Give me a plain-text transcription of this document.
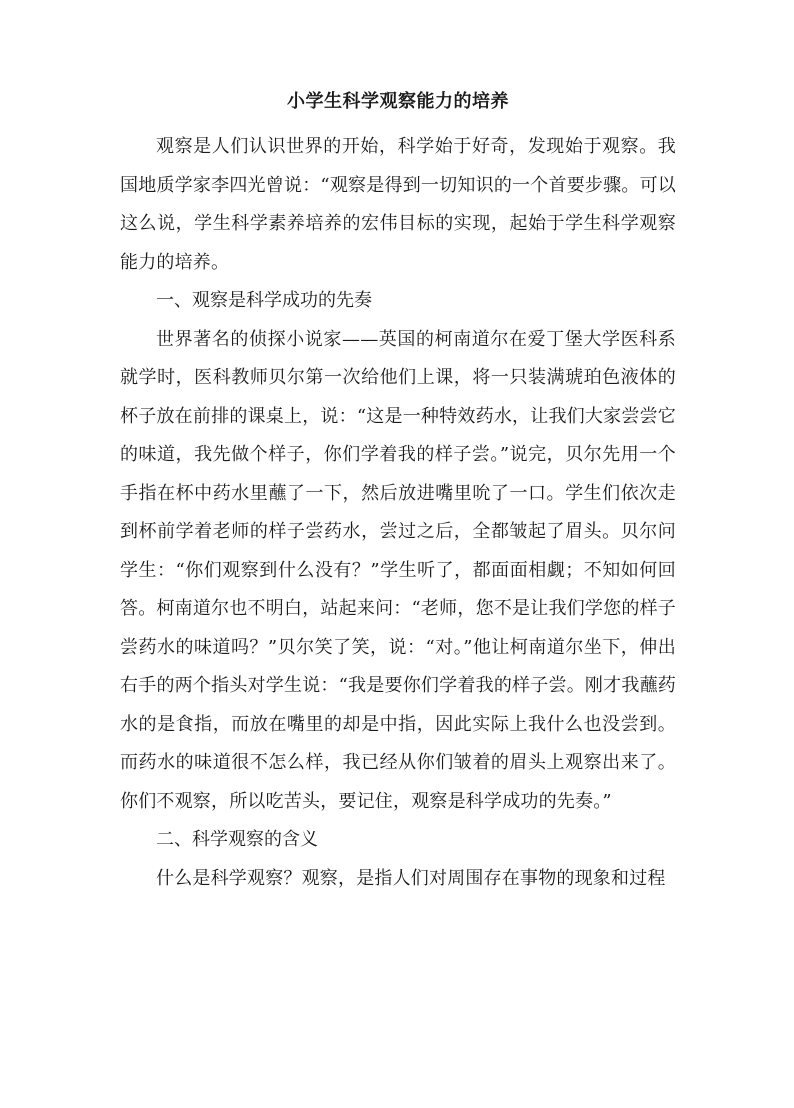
小学生科学观察能力的培养

观察是人们认识世界的开始，科学始于好奇，发现始于观察。我国地质学家李四光曾说：“观察是得到一切知识的一个首要步骤。可以这么说，学生科学素养培养的宏伟目标的实现，起始于学生科学观察能力的培养。

一、观察是科学成功的先奏

世界著名的侦探小说家——英国的柯南道尔在爱丁堡大学医科系就学时，医科教师贝尔第一次给他们上课，将一只装满琥珀色液体的杯子放在前排的课桌上，说：“这是一种特效药水，让我们大家尝尝它的味道，我先做个样子，你们学着我的样子尝。”说完，贝尔先用一个手指在杯中药水里蘸了一下，然后放进嘴里吮了一口。学生们依次走到杯前学着老师的样子尝药水，尝过之后，全都皱起了眉头。贝尔问学生：“你们观察到什么没有？”学生听了，都面面相觑；不知如何回答。柯南道尔也不明白，站起来问：“老师，您不是让我们学您的样子尝药水的味道吗？”贝尔笑了笑，说：“对。”他让柯南道尔坐下，伸出右手的两个指头对学生说：“我是要你们学着我的样子尝。刚才我蘸药水的是食指，而放在嘴里的却是中指，因此实际上我什么也没尝到。而药水的味道很不怎么样，我已经从你们皱着的眉头上观察出来了。你们不观察，所以吃苦头，要记住，观察是科学成功的先奏。”

二、科学观察的含义

什么是科学观察？观察，是指人们对周围存在事物的现象和过程
